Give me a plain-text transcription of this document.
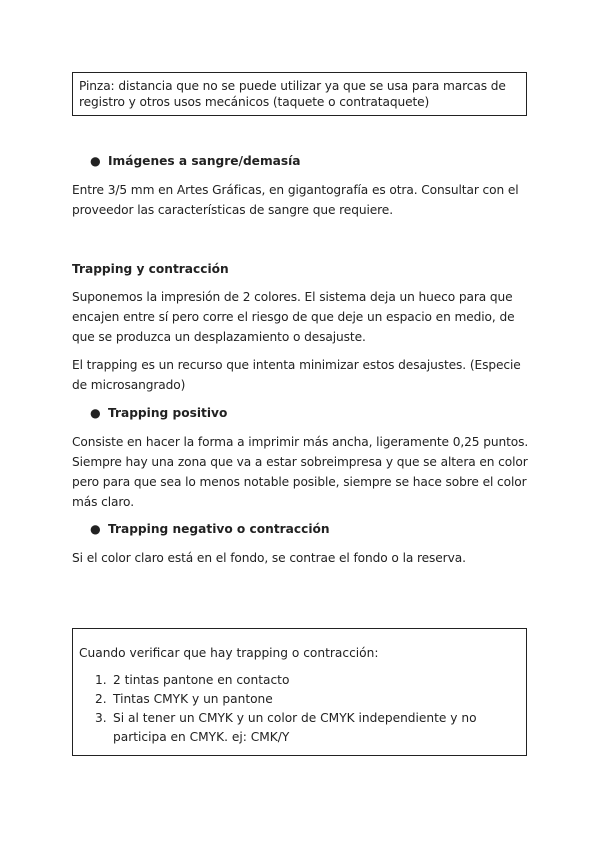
Pinza: distancia que no se puede utilizar ya que se usa para marcas de registro y otros usos mecánicos (taquete o contrataquete)

● Imágenes a sangre/demasía

Entre 3/5 mm en Artes Gráficas, en gigantografía es otra. Consultar con el proveedor las características de sangre que requiere.

Trapping y contracción

Suponemos la impresión de 2 colores. El sistema deja un hueco para que encajen entre sí pero corre el riesgo de que deje un espacio en medio, de que se produzca un desplazamiento o desajuste.

El trapping es un recurso que intenta minimizar estos desajustes. (Especie de microsangrado)

● Trapping positivo

Consiste en hacer la forma a imprimir más ancha, ligeramente 0,25 puntos. Siempre hay una zona que va a estar sobreimpresa y que se altera en color pero para que sea lo menos notable posible, siempre se hace sobre el color más claro.

● Trapping negativo o contracción

Si el color claro está en el fondo, se contrae el fondo o la reserva.

Cuando verificar que hay trapping o contracción:

1. 2 tintas pantone en contacto
2. Tintas CMYK y un pantone
3. Si al tener un CMYK y un color de CMYK independiente y no participa en CMYK. ej: CMK/Y
